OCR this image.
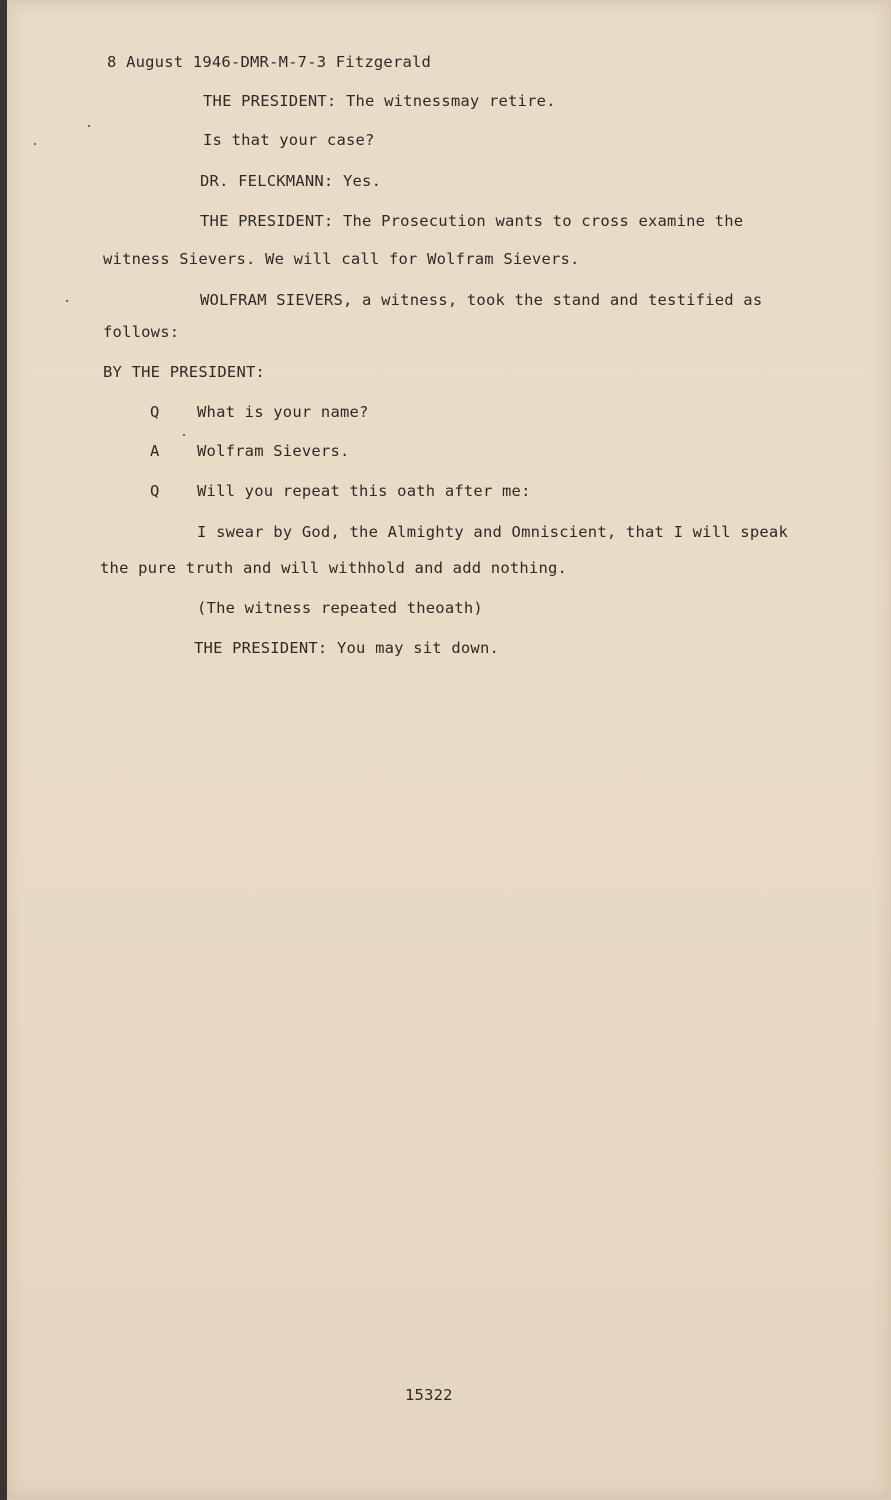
8 August 1946-DMR-M-7-3 Fitzgerald
THE PRESIDENT: The witnessmay retire.
Is that your case?
DR. FELCKMANN: Yes.
THE PRESIDENT: The Prosecution wants to cross examine the
witness Sievers. We will call for Wolfram Sievers.
WOLFRAM SIEVERS, a witness, took the stand and testified as
follows:
BY THE PRESIDENT:
Q What is your name?
A Wolfram Sievers.
Q Will you repeat this oath after me:
I swear by God, the Almighty and Omniscient, that I will speak
the pure truth and will withhold and add nothing.
(The witness repeated theoath)
THE PRESIDENT: You may sit down.
15322
